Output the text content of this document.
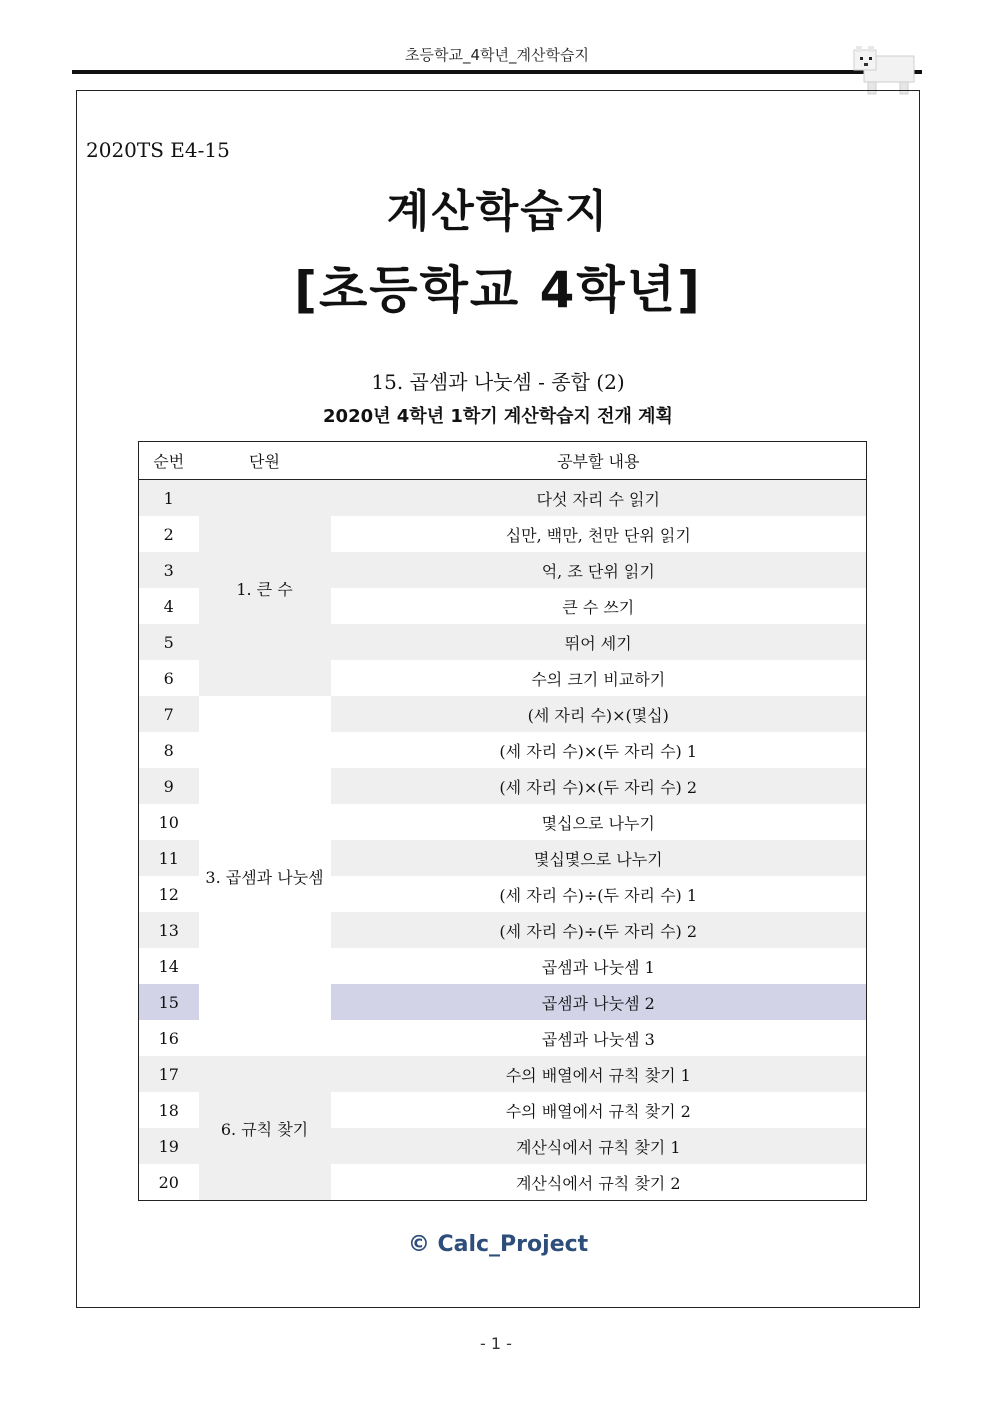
초등학교_4학년_계산학습지
2020TS E4-15
계산학습지
[초등학교 4학년]
15. 곱셈과 나눗셈 - 종합 (2)
2020년 4학년 1학기 계산학습지 전개 계획
순번	단원	공부할 내용
1	1. 큰 수	다섯 자리 수 읽기
2		십만, 백만, 천만 단위 읽기
3		억, 조 단위 읽기
4		큰 수 쓰기
5		뛰어 세기
6		수의 크기 비교하기
7	3. 곱셈과 나눗셈	(세 자리 수)×(몇십)
8		(세 자리 수)×(두 자리 수) 1
9		(세 자리 수)×(두 자리 수) 2
10		몇십으로 나누기
11		몇십몇으로 나누기
12		(세 자리 수)÷(두 자리 수) 1
13		(세 자리 수)÷(두 자리 수) 2
14		곱셈과 나눗셈 1
15		곱셈과 나눗셈 2
16		곱셈과 나눗셈 3
17	6. 규칙 찾기	수의 배열에서 규칙 찾기 1
18		수의 배열에서 규칙 찾기 2
19		계산식에서 규칙 찾기 1
20		계산식에서 규칙 찾기 2
© Calc_Project
- 1 -
